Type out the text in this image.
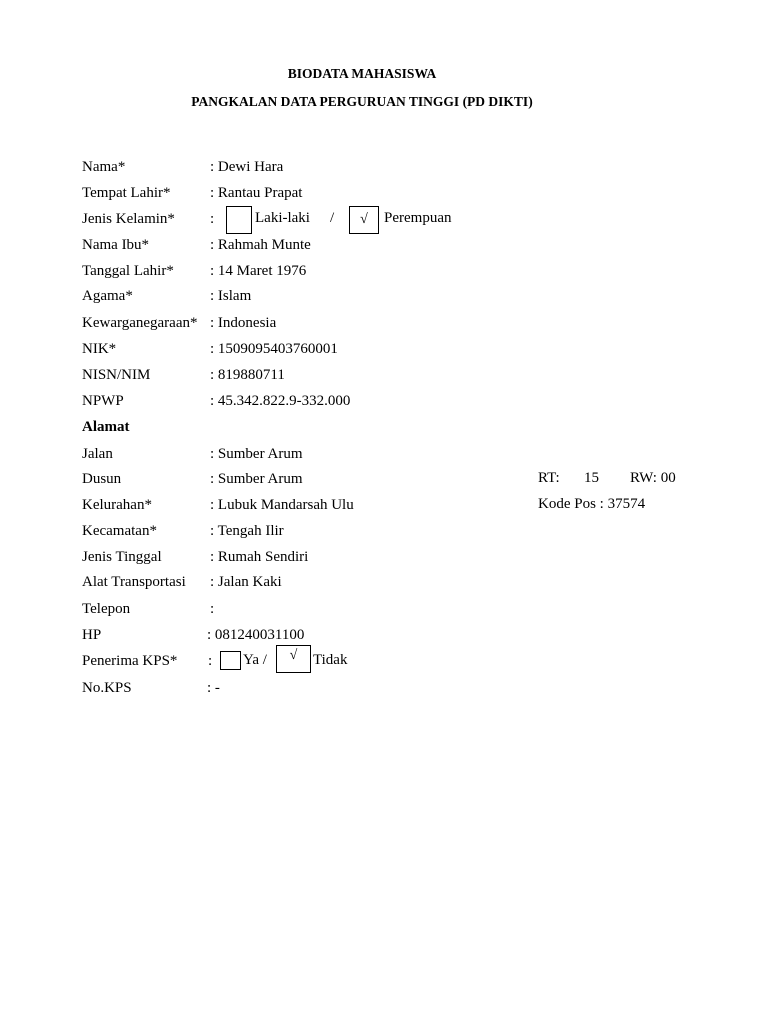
BIODATA MAHASISWA
PANGKALAN DATA PERGURUAN TINGGI (PD DIKTI)
Nama*	: Dewi Hara
Tempat Lahir*	: Rantau Prapat
Jenis Kelamin* :	Laki-laki / √ Perempuan
Nama Ibu*	: Rahmah Munte
Tanggal Lahir* : 14 Maret 1976
Agama*	: Islam
Kewarganegaraan* : Indonesia
NIK*	: 1509095403760001
NISN/NIM	: 819880711
NPWP	: 45.342.822.9-332.000
Alamat
Jalan	: Sumber Arum
Dusun	: Sumber Arum	RT: 15 RW: 00
Kelurahan*	: Lubuk Mandarsah Ulu	Kode Pos : 37574
Kecamatan*	: Tengah Ilir
Jenis Tinggal	: Rumah Sendiri
Alat Transportasi : Jalan Kaki
Telepon	:
HP	: 081240031100
Penerima KPS* : Ya / √ Tidak
No.KPS	: -
